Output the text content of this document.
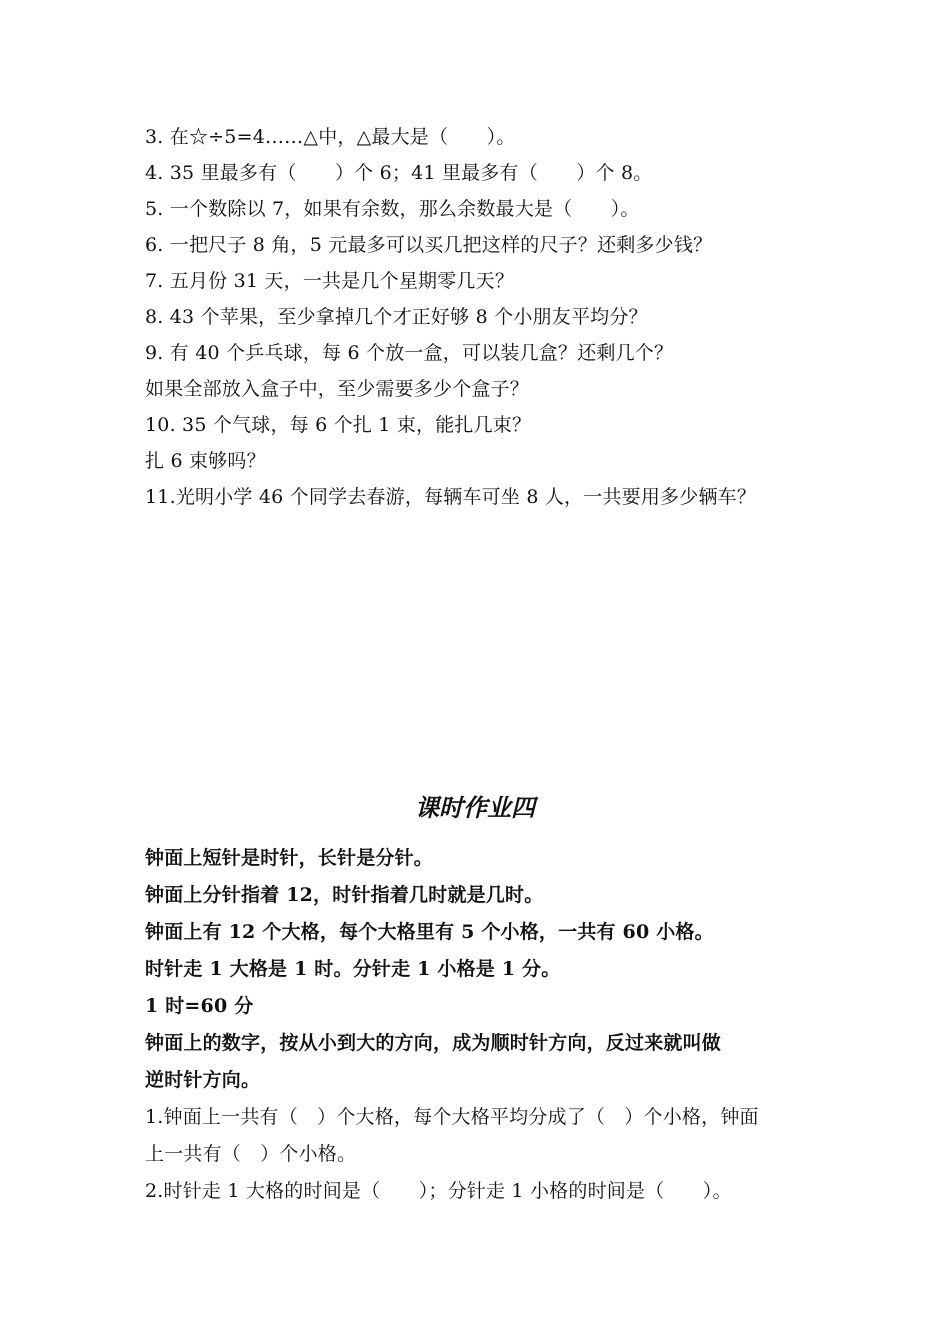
3. 在☆÷5=4……△中，△最大是（　　）。
4. 35 里最多有（　　）个 6；41 里最多有（　　）个 8。
5. 一个数除以 7，如果有余数，那么余数最大是（　　）。
6. 一把尺子 8 角，5 元最多可以买几把这样的尺子？还剩多少钱？
7. 五月份 31 天，一共是几个星期零几天？
8. 43 个苹果，至少拿掉几个才正好够 8 个小朋友平均分？
9. 有 40 个乒乓球，每 6 个放一盒，可以装几盒？还剩几个？
如果全部放入盒子中，至少需要多少个盒子？
10. 35 个气球，每 6 个扎 1 束，能扎几束？
扎 6 束够吗？
11.光明小学 46 个同学去春游，每辆车可坐 8 人，一共要用多少辆车？
课时作业四
钟面上短针是时针，长针是分针。
钟面上分针指着 12，时针指着几时就是几时。
钟面上有 12 个大格，每个大格里有 5 个小格，一共有 60 小格。
时针走 1 大格是 1 时。分针走 1 小格是 1 分。
1 时=60 分
钟面上的数字，按从小到大的方向，成为顺时针方向，反过来就叫做
逆时针方向。
1.钟面上一共有（　）个大格，每个大格平均分成了（　）个小格，钟面
上一共有（　）个小格。
2.时针走 1 大格的时间是（　　）；分针走 1 小格的时间是（　　）。
